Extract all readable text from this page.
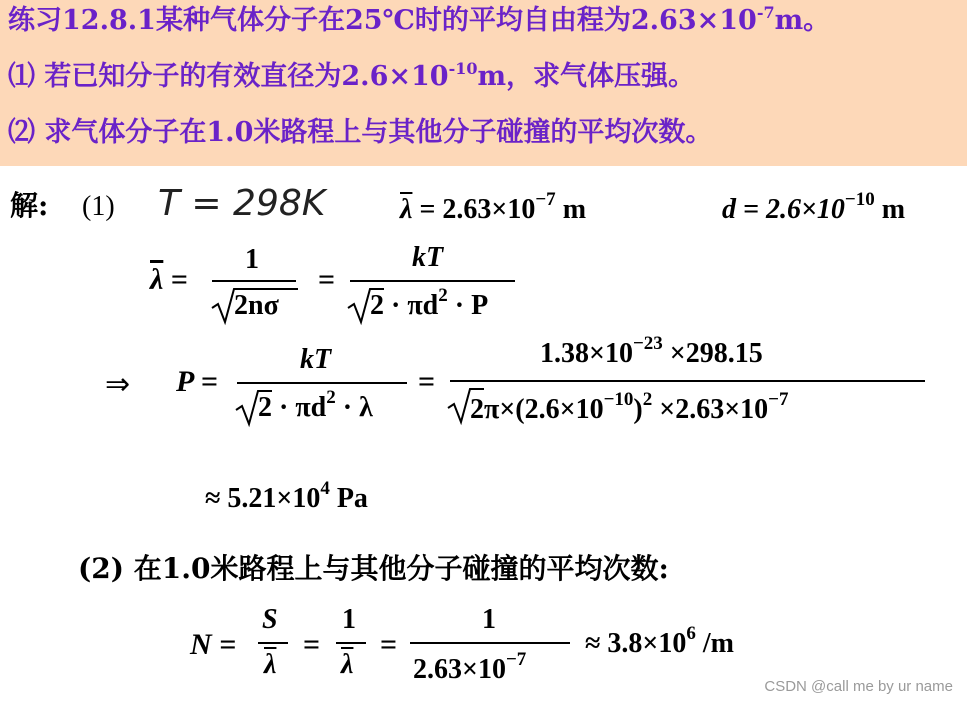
练习12.8.1某种气体分子在25℃时的平均自由程为$2.63\times 10^{-7}m$。
⑴ 若已知分子的有效直径为$2.6\times 10^{-10}m$，求气体压强。
⑵ 求气体分子在1.0米路程上与其他分子碰撞的平均次数。
解: (1) T = 298K	$\overline{\lambda} = 2.63\times 10^{-7}$ m	$d = 2.6\times 10^{-10}$ m
$\overline{\lambda}$ =
1
2nσ
=
kT
$2 \cdot \pi d^2 \cdot P$
⇒ P =
kT
$2 \cdot \pi d^2 \cdot \lambda$
=
$1.38\times 10^{-23} \times 298.15$
$2\pi\times(2.6\times 10^{-10})^2 \times 2.63\times 10^{-7}$
≈ $5.21\times 10^4$ Pa
(2) 在1.0米路程上与其他分子碰撞的平均次数:
N =
S
$\overline{\lambda}$
=
1
$\overline{\lambda}$
=
1
$2.63\times 10^{-7}$
≈ $3.8\times 10^6$ /m
CSDN @call me by ur name
